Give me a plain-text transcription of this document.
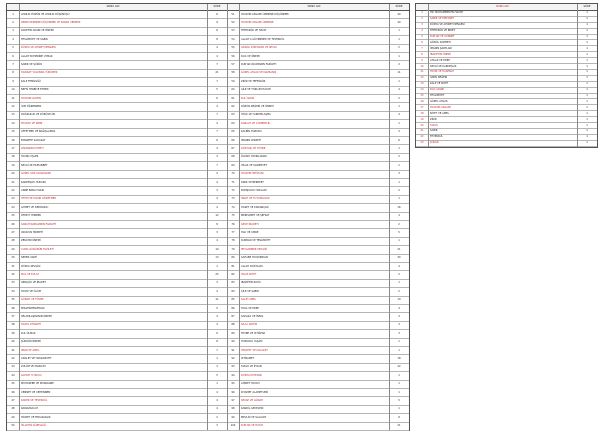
KONU ADI	SÜRE	KONU ADI	SÜRE
1	AYRILIK HÜZÜN VE AYRILIK DÜŞÜNÜŞÜ	6	51	HAYATIN ANLAMI ÜZERİNE DÜŞÜNMEK	40
2	KENDİ KENDİNE DÜŞÜNMEK VE KARAR VERMEK	9	52	HAYATIN ANLAMI ÜZERİNE	40
3	DAVETİN ADABI VE ÖNEMİ	8	53	TEFEKKÜR VE HAYAT	1
4	TESLİMİYET VE SABIR	8	54	ALLAH'A GÜVENMEK VE TEVEKKÜL	1
5	DÜNYA VE AHİRET DENGESİ	4	55	GÖNÜL DÜNYAMIZ VE SEVGİ	2
6	ALLAH'IN EMRİNE UYMAK	4	56	DUA VE ÖNEMİ	1
7	SABIR VE ŞÜKÜR	7	57	KUR'AN OKUMANIN FAZİLETİ	2
8	HAKİKAT YOLUNDA YÜRÜMEK	21	58	GÜZEL AHLAK VE DAVRANIŞ	11
9	KALP TEMİZLİĞİ	7	59	ZİKİR VE TEFEKKÜR	1
10	NEFSİ TERBİYE ETMEK	5	60	AİLE VE TOPLUM HAYATI	4
11	HAYATIN GAYESİ	6	61	KUL HAKKI	2
12	İLİM ÖĞRENMEK	4	62	SÖZÜN DEĞERİ VE ÖNEMİ	1
13	DOĞRULUK VE DÜRÜSTLÜK	7	63	İYİLİK VE YARDIMLAŞMA	4
14	TEVAZU VE KİBİR	4	64	KANAAT VE CÖMERTLİK	1
15	AFFETMEK VE BAĞIŞLAMAK	7	65	KALBİN HUZURU	3
16	EMANETE SADAKAT	6	66	İMANIN LEZZETİ	6
17	ZAMANIN KIYMETİ	3	67	GÖZYAŞI VE TÖVBE	1
18	HAYIRLI İŞLER	3	68	ÖLÜMÜ HATIRLAMAK	2
19	SEVGİ VE MUHABBET	7	69	İHLAS VE SAMİMİYET	1
20	GÜZEL SÖZ SADAKADIR	4	70	HAYATIN İMTİHANI	3
21	KARDEŞLİK HUKUKU	4	71	RIZIK VE BEREKET	1
22	ANNE BABA HAKKI	3	72	KOMŞULUK HAKLARI	2
23	YETİM VE FAKİRİ GÖZETMEK	4	73	İSRAF VE TUTUMLULUK	1
24	GIYBET VE DEDİKODU	4	74	HASET VE KISKANÇLIK	16
25	ÖFKEYİ YENMEK	12	75	MERHAMET VE ŞEFKAT	4
26	SABAH NAMAZININ FAZİLETİ	8	76	GECE İBADETİ	2
27	ORUCUN HİKMETİ	3	77	HAC VE UMRE	5
28	ZEKATIN ÖNEMİ	4	78	KURBAN VE TESLİMİYET	1
29	CUMA GÜNÜNÜN FAZİLETİ	10	79	PEYGAMBER SEVGİSİ	21
30	SEHER VAKTİ	13	80	SAHABE HAYATINDAN	30
31	DÜNYA SEVGİSİ	1	81	ALLAH DOSTLARI	4
32	MAL VE EVLAT	25	82	HALİS NİYET	2
33	GENÇLİK VE İBADET	3	83	İBADETİN RUHU	1
34	HAYAT VE ÖLÜM	4	84	ÇİLE VE SABIR	2
35	GÜNAH VE TÖVBE	11	85	SALİH AMEL	19
36	MİSAFİRPERVERLİK	5	86	HAYA VE EDEP	4
37	SELAMLAŞMANIN ÖNEMİ	3	87	SADAKA VE İNFAK	3
38	HASTA ZİYARETİ	4	88	SILA-İ RAHİM	3
39	KUL OLMAK	6	89	TEVBE VE İSTİĞFAR	3
40	ŞÜKRÜN ÖNEMİ	8	90	HUZURLU YAŞAM	1
41	İMAN VE AMEL	7	91	HİDAYET VE DALALET	1
42	ADALET VE HAKKANİYET	1	92	İSTİKAMET	18
43	ZULÜM VE MAZLUM	3	93	TAKVA VE İHSAN	22
44	GAFLET UYKUSU	5	94	DÜNYA İMTİHANI	1
45	MUHASEBE VE MURAKABE	1	95	AHİRET HAYATI	1
46	CENNET VE CEHENNEM	4	96	KIYAMET ALAMETLERİ	1
47	KADER VE TEVEKKÜL	4	97	SEVAP VE GÜNAH	5
48	RAMAZAN AYI	4	98	KANDİL GECELERİ	1
49	HİCRET VE FEDAKARLIK	2	99	MEVLİD VE SALAVAT	8
50	İSLAM'IN GÜZELLİĞİ	3	100	KUR'AN VE HAYAT	21
KONU ADI	SÜRE
1	HZ. MUHAMMED'İN HAYATI	1
2	SABIR VE METANET	1
3	DÜNYA VE AHİRET DENGESİ	1
4	TEFEKKÜR VE İBRET	1
5	KUR'AN VE SÜNNET	1
6	GÖNÜL SOHBETİ	1
7	İMANIN ŞARTLARI	1
8	İBADETİN ÖNEMİ	1
9	AHLAK VE EDEP	1
10	SEVGİ VE KARDEŞLİK	1
11	HAYIR VE HASENAT	1
12	İLMİN DEĞERİ	1
13	KALP VE NİYET	1
14	DUA ADABI	1
15	TESLİMİYET	1
16	GÜZEL AHLAK	1
17	HAYATIN ANLAMI	1
18	NİYET VE AMEL	1
19	ZİKİR	1
20	TAKVA	1
21	SABIR	1
22	TEVEKKÜL	1
23	ŞÜKÜR	1
